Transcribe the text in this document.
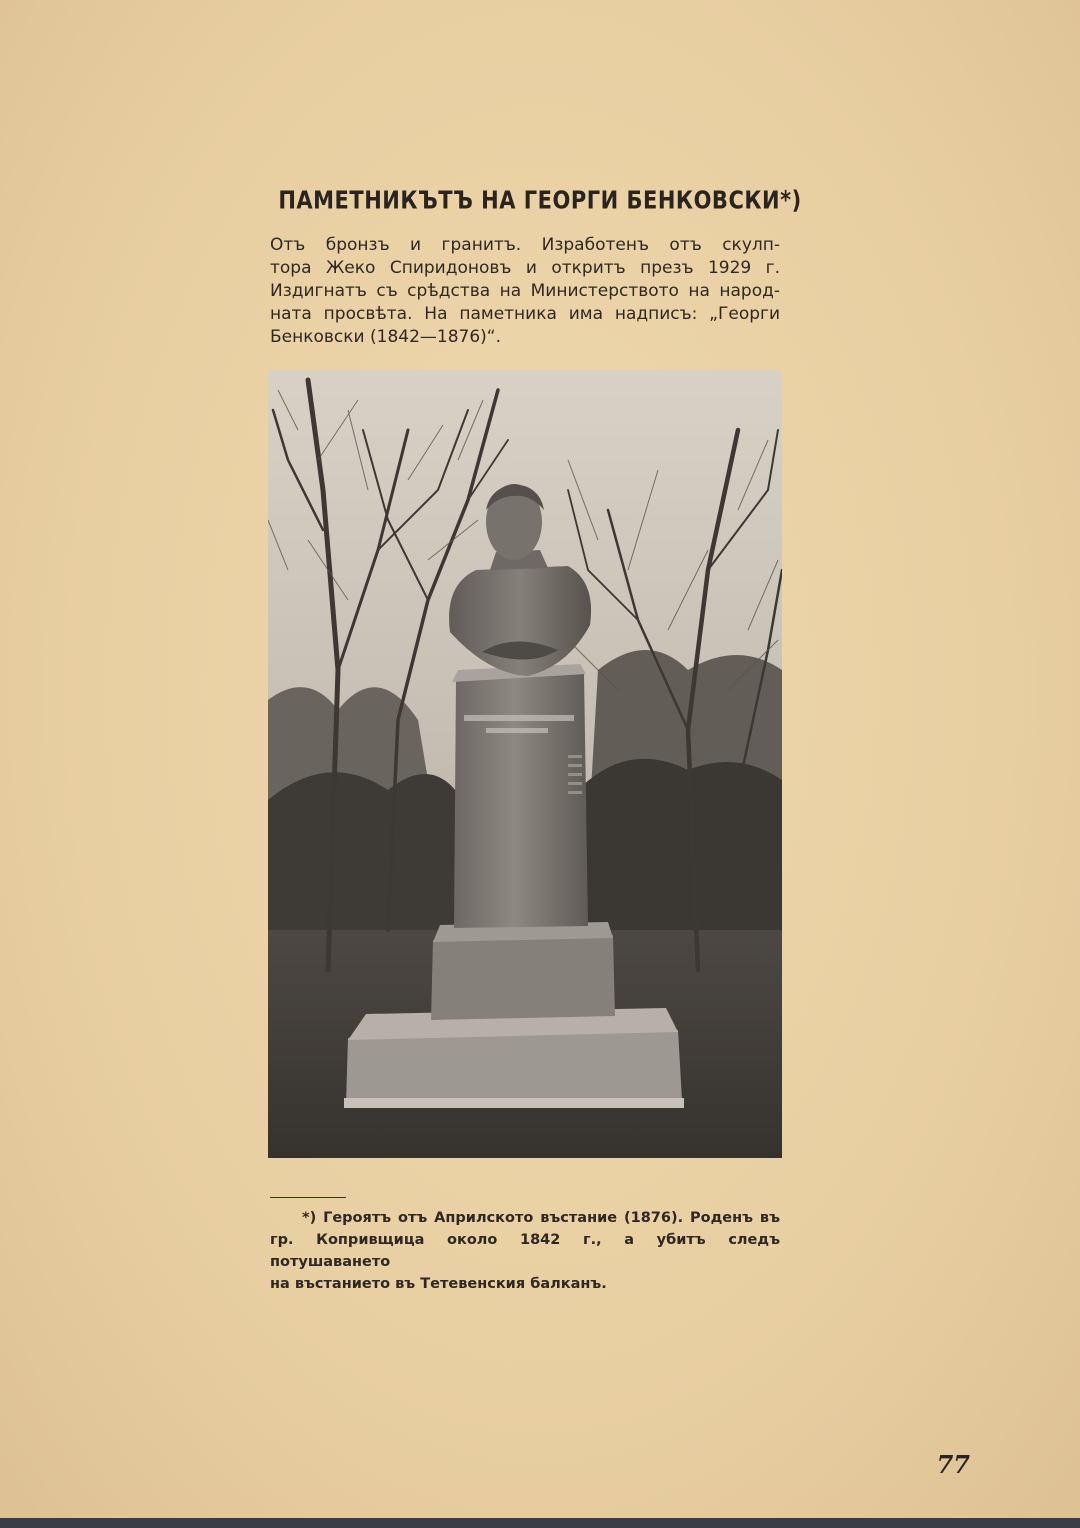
ПАМЕТНИКЪТЪ НА ГЕОРГИ БЕНКОВСКИ*)
Отъ бронзъ и гранитъ. Изработенъ отъ скулп-
тора Жеко Спиридоновъ и откритъ презъ 1929 г.
Издигнатъ съ срѣдства на Министерството на народ-
ната просвѣта. На паметника има надписъ: „Георги
Бенковски (1842—1876)“.
*) Героятъ отъ Априлското въстание (1876). Роденъ въ
гр. Копривщица около 1842 г., а убитъ следъ потушаването
на въстанието въ Тетевенския балканъ.
77
